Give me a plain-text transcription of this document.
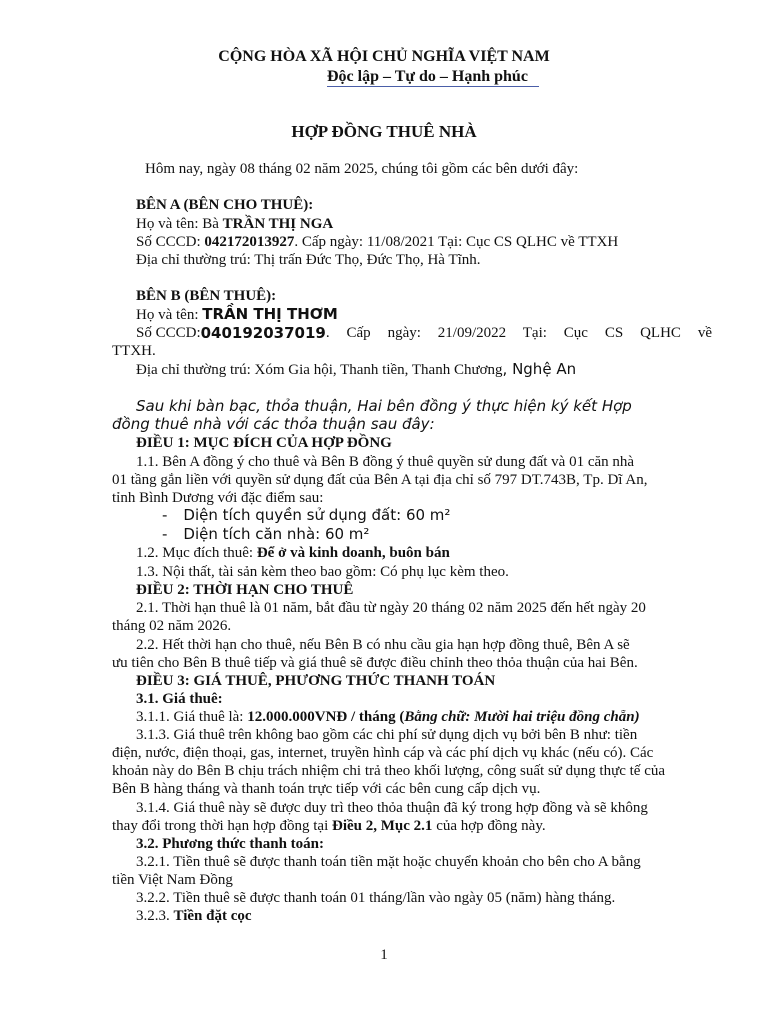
CỘNG HÒA XÃ HỘI CHỦ NGHĨA VIỆT NAM
Độc lập – Tự do – Hạnh phúc
HỢP ĐỒNG THUÊ NHÀ
Hôm nay, ngày 08 tháng 02 năm 2025, chúng tôi gồm các bên dưới đây:
BÊN A (BÊN CHO THUÊ):
Họ và tên: Bà TRẦN THỊ NGA
Số CCCD: 042172013927. Cấp ngày: 11/08/2021 Tại: Cục CS QLHC về TTXH
Địa chỉ thường trú: Thị trấn Đức Thọ, Đức Thọ, Hà Tĩnh.
BÊN B (BÊN THUÊ):
Họ và tên: TRẦN THỊ THƠM
Số CCCD: 040192037019 . Cấp ngày: 21/09/2022 Tại: Cục CS QLHC về
TTXH.
Địa chỉ thường trú: Xóm Gia hội, Thanh tiền, Thanh Chương, Nghệ An
Sau khi bàn bạc, thỏa thuận, Hai bên đồng ý thực hiện ký kết Hợp
đồng thuê nhà với các thỏa thuận sau đây:
ĐIỀU 1: MỤC ĐÍCH CỦA HỢP ĐỒNG
1.1. Bên A đồng ý cho thuê và Bên B đồng ý thuê quyền sử dung đất và 01 căn nhà
01 tầng gắn liền với quyền sử dụng đất của Bên A tại địa chỉ số 797 DT.743B, Tp. Dĩ An,
tỉnh Bình Dương với đặc điểm sau:
- Diện tích quyền sử dụng đất: 60 m²
- Diện tích căn nhà: 60 m²
1.2. Mục đích thuê: Để ở và kinh doanh, buôn bán
1.3. Nội thất, tài sản kèm theo bao gồm: Có phụ lục kèm theo.
ĐIỀU 2: THỜI HẠN CHO THUÊ
2.1. Thời hạn thuê là 01 năm, bắt đầu từ ngày 20 tháng 02 năm 2025 đến hết ngày 20
tháng 02 năm 2026.
2.2. Hết thời hạn cho thuê, nếu Bên B có nhu cầu gia hạn hợp đồng thuê, Bên A sẽ
ưu tiên cho Bên B thuê tiếp và giá thuê sẽ được điều chỉnh theo thỏa thuận của hai Bên.
ĐIỀU 3: GIÁ THUÊ, PHƯƠNG THỨC THANH TOÁN
3.1. Giá thuê:
3.1.1. Giá thuê là: 12.000.000VNĐ / tháng (Bằng chữ: Mười hai triệu đồng chẵn)
3.1.3. Giá thuê trên không bao gồm các chi phí sử dụng dịch vụ bởi bên B như: tiền
điện, nước, điện thoại, gas, internet, truyền hình cáp và các phí dịch vụ khác (nếu có). Các
khoản này do Bên B chịu trách nhiệm chi trả theo khối lượng, công suất sử dụng thực tế của
Bên B hàng tháng và thanh toán trực tiếp với các bên cung cấp dịch vụ.
3.1.4. Giá thuê này sẽ được duy trì theo thỏa thuận đã ký trong hợp đồng và sẽ không
thay đổi trong thời hạn hợp đồng tại Điều 2, Mục 2.1 của hợp đồng này.
3.2. Phương thức thanh toán:
3.2.1. Tiền thuê sẽ được thanh toán tiền mặt hoặc chuyển khoản cho bên cho A bằng
tiền Việt Nam Đồng
3.2.2. Tiền thuê sẽ được thanh toán 01 tháng/lần vào ngày 05 (năm) hàng tháng.
3.2.3. Tiền đặt cọc
1
